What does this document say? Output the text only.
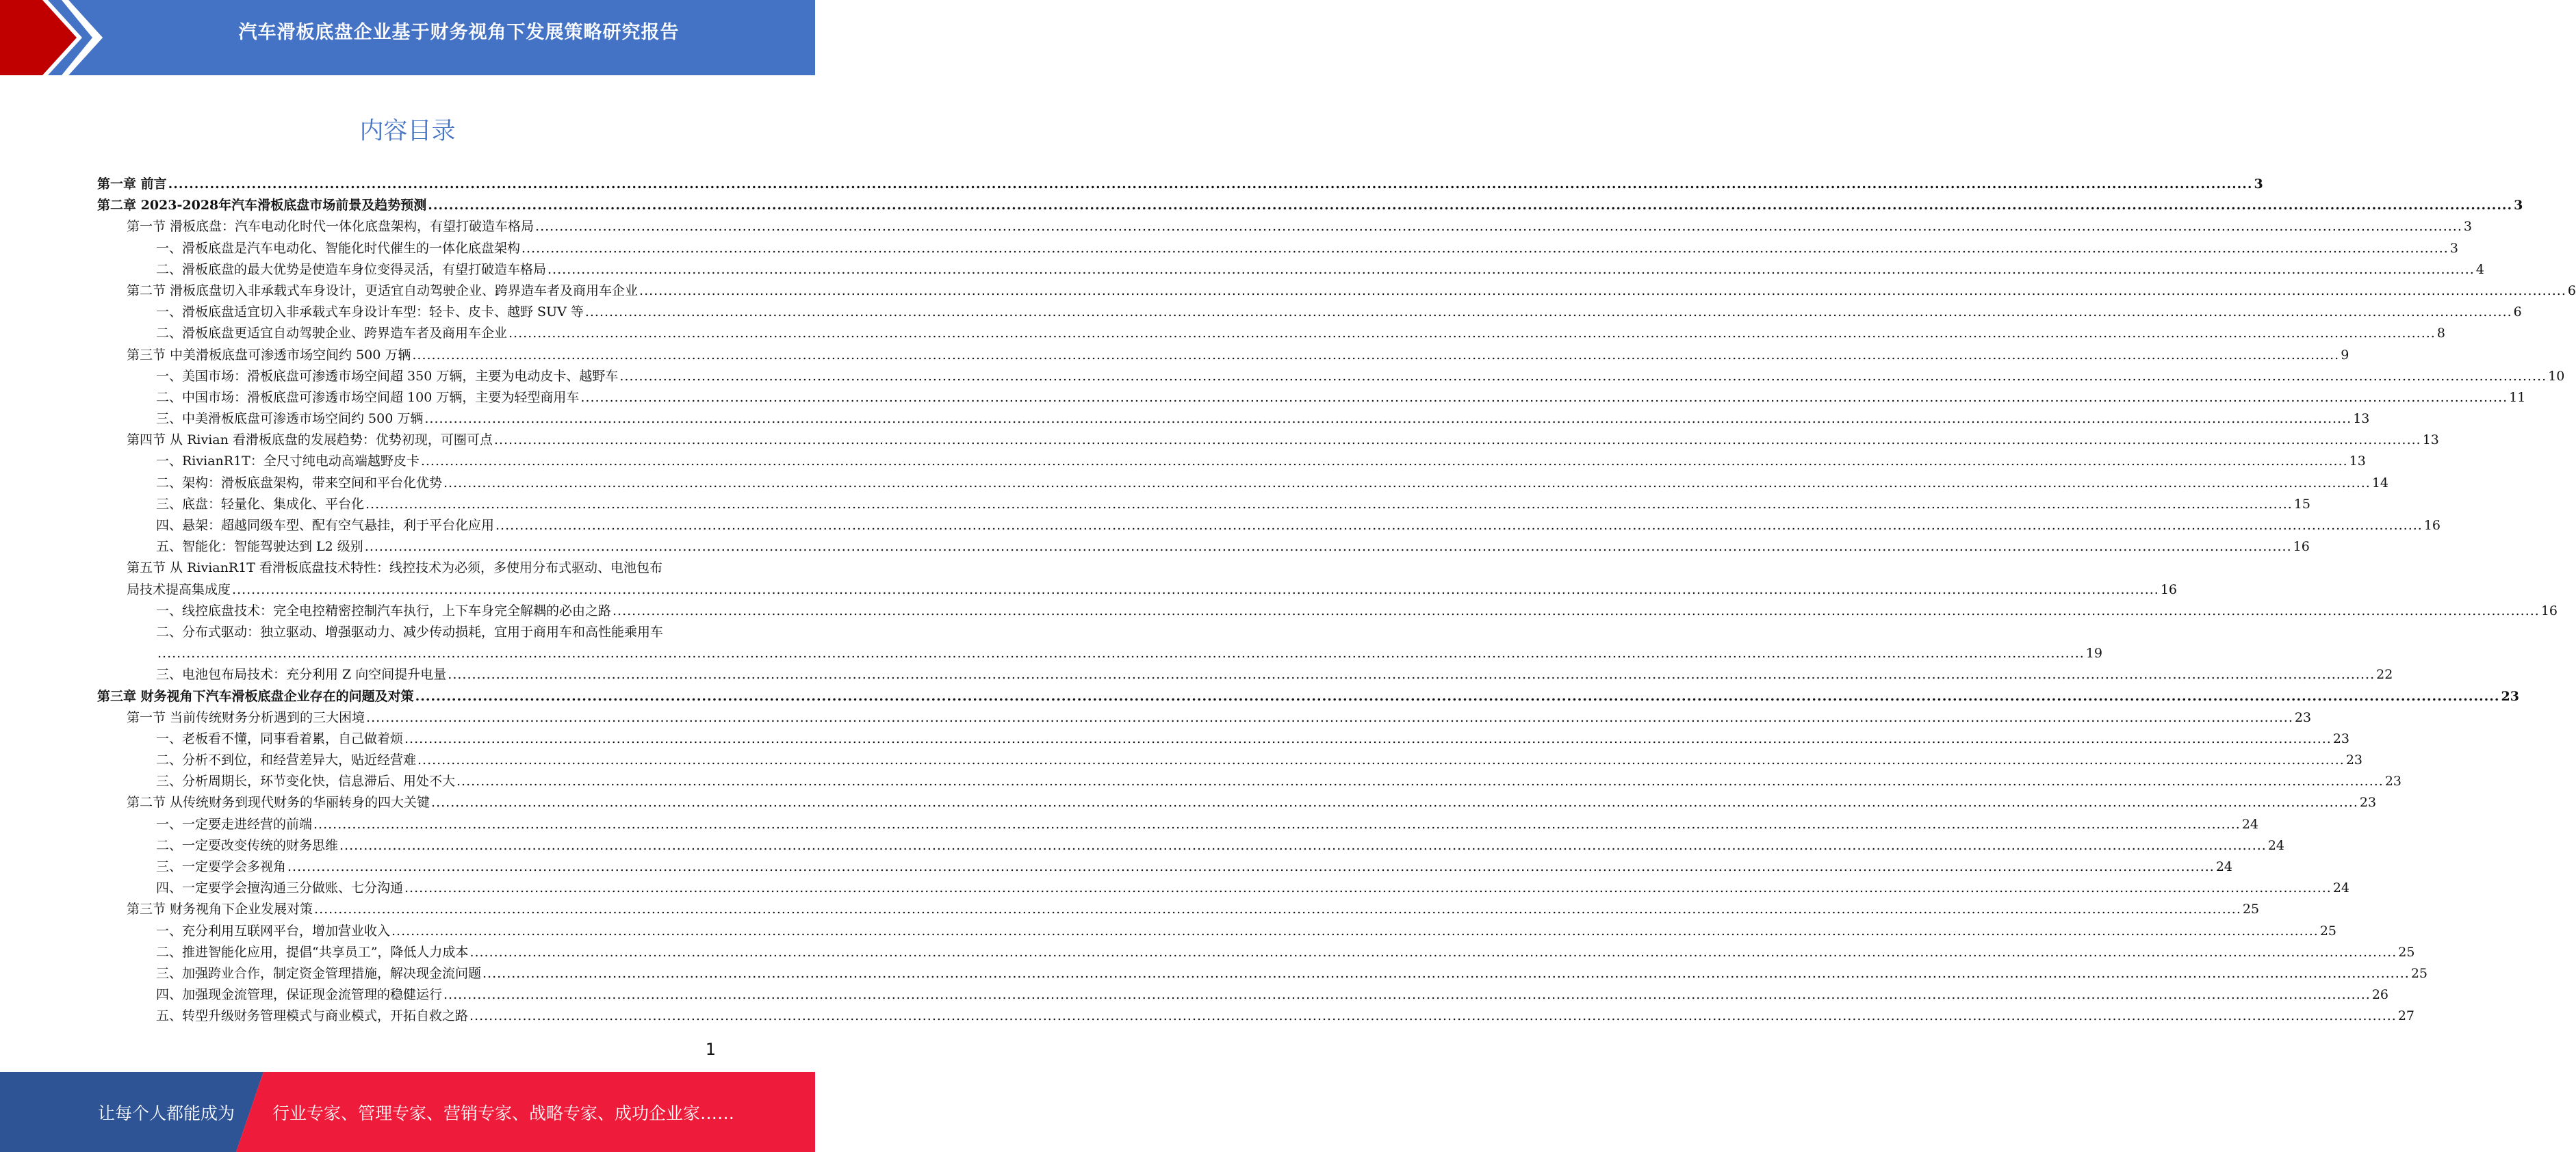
汽车滑板底盘企业基于财务视角下发展策略研究报告
内容目录
第一章 前言 ................................................................................................................................................................................................................................................................................................................................................................................................................ 3
第二章 2023-2028年汽车滑板底盘市场前景及趋势预测 ................................................................................................................................................................................................................................................................................................................................................................................................................ 3
第一节 滑板底盘：汽车电动化时代一体化底盘架构，有望打破造车格局 ................................................................................................................................................................................................................................................................................................................................................................................................................ 3
一、滑板底盘是汽车电动化、智能化时代催生的一体化底盘架构 ................................................................................................................................................................................................................................................................................................................................................................................................................ 3
二、滑板底盘的最大优势是使造车身位变得灵活，有望打破造车格局 ................................................................................................................................................................................................................................................................................................................................................................................................................ 4
第二节 滑板底盘切入非承载式车身设计，更适宜自动驾驶企业、跨界造车者及商用车企业 ................................................................................................................................................................................................................................................................................................................................................................................................................ 6
一、滑板底盘适宜切入非承载式车身设计车型：轻卡、皮卡、越野 SUV 等 ................................................................................................................................................................................................................................................................................................................................................................................................................ 6
二、滑板底盘更适宜自动驾驶企业、跨界造车者及商用车企业 ................................................................................................................................................................................................................................................................................................................................................................................................................ 8
第三节 中美滑板底盘可渗透市场空间约 500 万辆 ................................................................................................................................................................................................................................................................................................................................................................................................................ 9
一、美国市场：滑板底盘可渗透市场空间超 350 万辆，主要为电动皮卡、越野车 ................................................................................................................................................................................................................................................................................................................................................................................................................ 10
二、中国市场：滑板底盘可渗透市场空间超 100 万辆，主要为轻型商用车 ................................................................................................................................................................................................................................................................................................................................................................................................................ 11
三、中美滑板底盘可渗透市场空间约 500 万辆 ................................................................................................................................................................................................................................................................................................................................................................................................................ 13
第四节 从 Rivian 看滑板底盘的发展趋势：优势初现，可圈可点 ................................................................................................................................................................................................................................................................................................................................................................................................................ 13
一、RivianR1T：全尺寸纯电动高端越野皮卡 ................................................................................................................................................................................................................................................................................................................................................................................................................ 13
二、架构：滑板底盘架构，带来空间和平台化优势 ................................................................................................................................................................................................................................................................................................................................................................................................................ 14
三、底盘：轻量化、集成化、平台化 ................................................................................................................................................................................................................................................................................................................................................................................................................ 15
四、悬架：超越同级车型、配有空气悬挂，利于平台化应用 ................................................................................................................................................................................................................................................................................................................................................................................................................ 16
五、智能化：智能驾驶达到 L2 级别 ................................................................................................................................................................................................................................................................................................................................................................................................................ 16
第五节 从 RivianR1T 看滑板底盘技术特性：线控技术为必须，多使用分布式驱动、电池包布
局技术提高集成度 ................................................................................................................................................................................................................................................................................................................................................................................................................ 16
一、线控底盘技术：完全电控精密控制汽车执行，上下车身完全解耦的必由之路 ................................................................................................................................................................................................................................................................................................................................................................................................................ 16
二、分布式驱动：独立驱动、增强驱动力、减少传动损耗，宜用于商用车和高性能乘用车
................................................................................................................................................................................................................................................................................................................................................................................................................ 19
三、电池包布局技术：充分利用 Z 向空间提升电量 ................................................................................................................................................................................................................................................................................................................................................................................................................ 22
第三章 财务视角下汽车滑板底盘企业存在的问题及对策 ................................................................................................................................................................................................................................................................................................................................................................................................................ 23
第一节 当前传统财务分析遇到的三大困境 ................................................................................................................................................................................................................................................................................................................................................................................................................ 23
一、老板看不懂，同事看着累，自己做着烦 ................................................................................................................................................................................................................................................................................................................................................................................................................ 23
二、分析不到位，和经营差异大，贴近经营难 ................................................................................................................................................................................................................................................................................................................................................................................................................ 23
三、分析周期长，环节变化快，信息滞后、用处不大 ................................................................................................................................................................................................................................................................................................................................................................................................................ 23
第二节 从传统财务到现代财务的华丽转身的四大关键 ................................................................................................................................................................................................................................................................................................................................................................................................................ 23
一、一定要走进经营的前端 ................................................................................................................................................................................................................................................................................................................................................................................................................ 24
二、一定要改变传统的财务思维 ................................................................................................................................................................................................................................................................................................................................................................................................................ 24
三、一定要学会多视角 ................................................................................................................................................................................................................................................................................................................................................................................................................ 24
四、一定要学会擅沟通三分做账、七分沟通 ................................................................................................................................................................................................................................................................................................................................................................................................................ 24
第三节 财务视角下企业发展对策 ................................................................................................................................................................................................................................................................................................................................................................................................................ 25
一、充分利用互联网平台，增加营业收入 ................................................................................................................................................................................................................................................................................................................................................................................................................ 25
二、推进智能化应用，提倡“共享员工”，降低人力成本 ................................................................................................................................................................................................................................................................................................................................................................................................................ 25
三、加强跨业合作，制定资金管理措施，解决现金流问题 ................................................................................................................................................................................................................................................................................................................................................................................................................ 25
四、加强现金流管理，保证现金流管理的稳健运行 ................................................................................................................................................................................................................................................................................................................................................................................................................ 26
五、转型升级财务管理模式与商业模式，开拓自救之路 ................................................................................................................................................................................................................................................................................................................................................................................................................ 27
1
让每个人都能成为 行业专家、管理专家、营销专家、战略专家、成功企业家……
